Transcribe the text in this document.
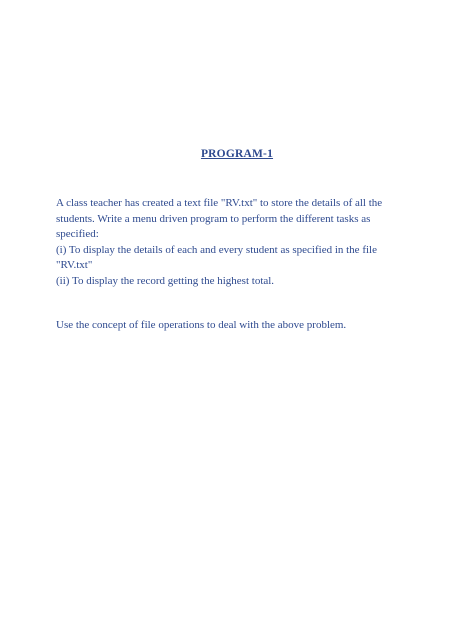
PROGRAM-1

A class teacher has created a text file "RV.txt" to store the details of all the
students. Write a menu driven program to perform the different tasks as
specified:
(i) To display the details of each and every student as specified in the file
"RV.txt"
(ii) To display the record getting the highest total.

Use the concept of file operations to deal with the above problem.
